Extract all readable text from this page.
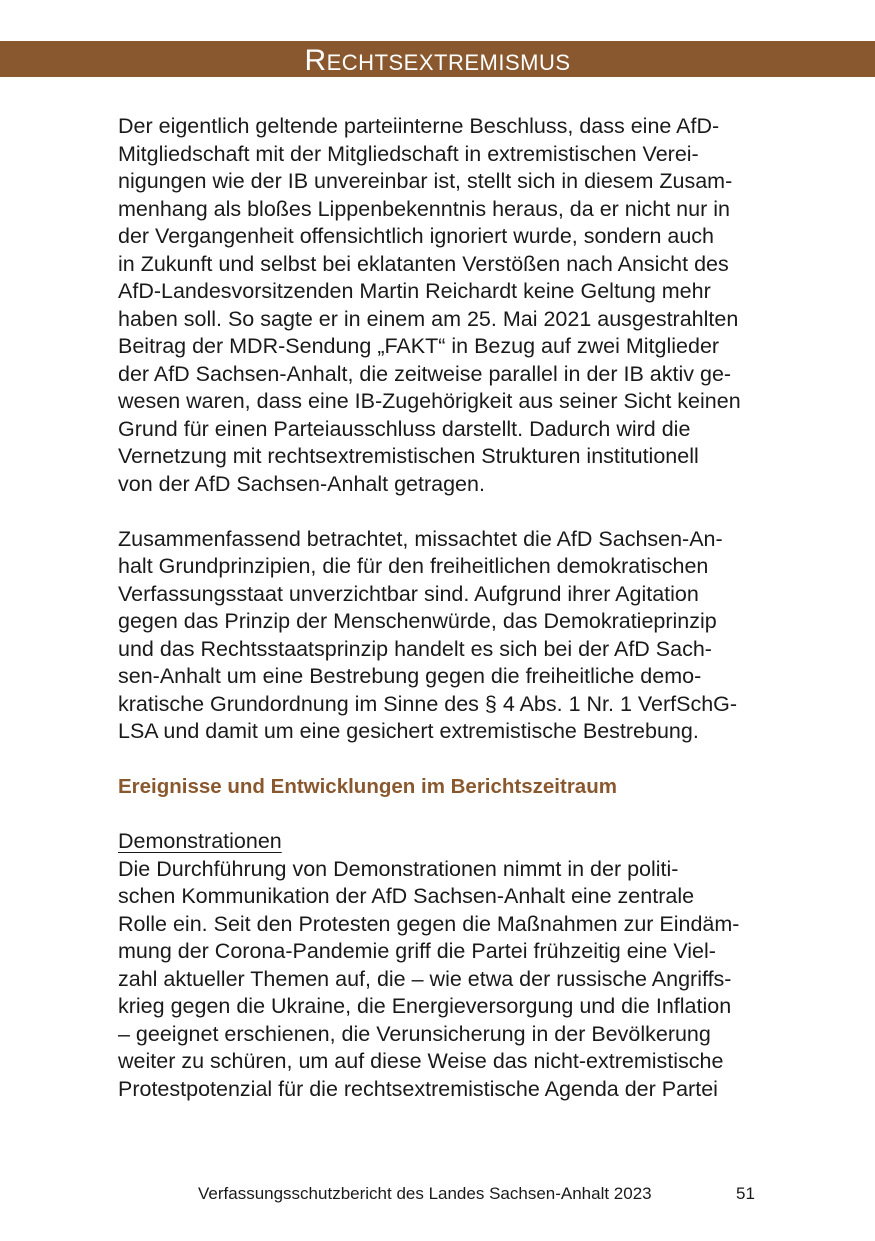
RECHTSEXTREMISMUS

Der eigentlich geltende parteiinterne Beschluss, dass eine AfD-
Mitgliedschaft mit der Mitgliedschaft in extremistischen Verei-
nigungen wie der IB unvereinbar ist, stellt sich in diesem Zusam-
menhang als bloßes Lippenbekenntnis heraus, da er nicht nur in
der Vergangenheit offensichtlich ignoriert wurde, sondern auch
in Zukunft und selbst bei eklatanten Verstößen nach Ansicht des
AfD-Landesvorsitzenden Martin Reichardt keine Geltung mehr
haben soll. So sagte er in einem am 25. Mai 2021 ausgestrahlten
Beitrag der MDR-Sendung „FAKT“ in Bezug auf zwei Mitglieder
der AfD Sachsen-Anhalt, die zeitweise parallel in der IB aktiv ge-
wesen waren, dass eine IB-Zugehörigkeit aus seiner Sicht keinen
Grund für einen Parteiausschluss darstellt. Dadurch wird die
Vernetzung mit rechtsextremistischen Strukturen institutionell
von der AfD Sachsen-Anhalt getragen.

Zusammenfassend betrachtet, missachtet die AfD Sachsen-An-
halt Grundprinzipien, die für den freiheitlichen demokratischen
Verfassungsstaat unverzichtbar sind. Aufgrund ihrer Agitation
gegen das Prinzip der Menschenwürde, das Demokratieprinzip
und das Rechtsstaatsprinzip handelt es sich bei der AfD Sach-
sen-Anhalt um eine Bestrebung gegen die freiheitliche demo-
kratische Grundordnung im Sinne des § 4 Abs. 1 Nr. 1 VerfSchG-
LSA und damit um eine gesichert extremistische Bestrebung.

Ereignisse und Entwicklungen im Berichtszeitraum

Demonstrationen

Die Durchführung von Demonstrationen nimmt in der politi-
schen Kommunikation der AfD Sachsen-Anhalt eine zentrale
Rolle ein. Seit den Protesten gegen die Maßnahmen zur Eindäm-
mung der Corona-Pandemie griff die Partei frühzeitig eine Viel-
zahl aktueller Themen auf, die – wie etwa der russische Angriffs-
krieg gegen die Ukraine, die Energieversorgung und die Inflation
– geeignet erschienen, die Verunsicherung in der Bevölkerung
weiter zu schüren, um auf diese Weise das nicht-extremistische
Protestpotenzial für die rechtsextremistische Agenda der Partei

Verfassungsschutzbericht des Landes Sachsen-Anhalt 2023	51
